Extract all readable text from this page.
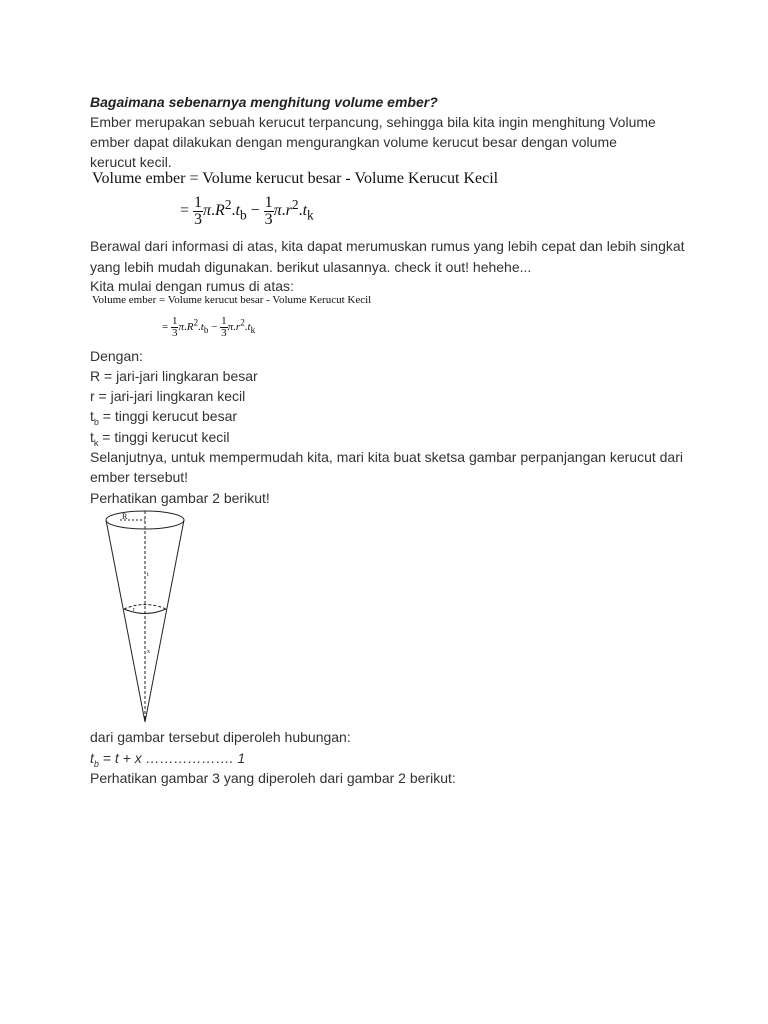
Bagaimana sebenarnya menghitung volume ember?
Ember merupakan sebuah kerucut terpancung, sehingga bila kita ingin menghitung Volume
ember dapat dilakukan dengan mengurangkan volume kerucut besar dengan volume
kerucut kecil.
Volume ember = Volume kerucut besar - Volume Kerucut Kecil
= $\frac{1}{3} \pi.R^2.t_b - \frac{1}{3} \pi.r^2.t_k$
Berawal dari informasi di atas, kita dapat merumuskan rumus yang lebih cepat dan lebih singkat
yang lebih mudah digunakan. berikut ulasannya. check it out! hehehe...
Kita mulai dengan rumus di atas:
Volume ember = Volume kerucut besar - Volume Kerucut Kecil
= $\frac{1}{3} \pi.R^2.t_b - \frac{1}{3} \pi.r^2.t_k$
Dengan:
R = jari-jari lingkaran besar
r = jari-jari lingkaran kecil
$t_b$ = tinggi kerucut besar
$t_k$ = tinggi kerucut kecil
Selanjutnya, untuk mempermudah kita, mari kita buat sketsa gambar perpanjangan kerucut dari
ember tersebut!
Perhatikan gambar 2 berikut!
R
r
t
x
dari gambar tersebut diperoleh hubungan:
$t_b = t + x$ ………………. 1
Perhatikan gambar 3 yang diperoleh dari gambar 2 berikut:
